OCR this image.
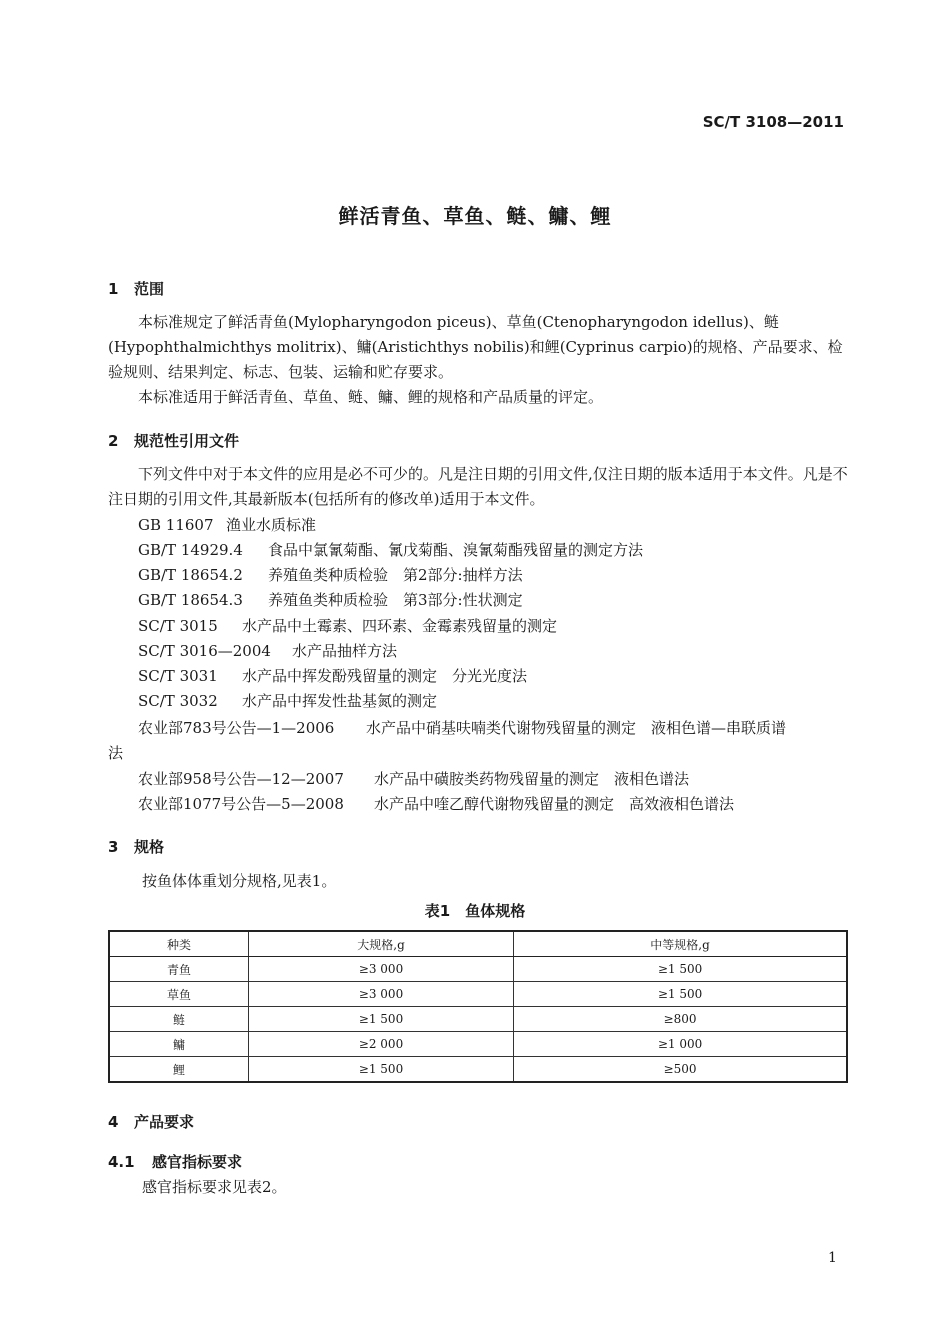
SC/T 3108—2011
鲜活青鱼、草鱼、鲢、鳙、鲤
1 范围
本标准规定了鲜活青鱼(Mylopharyngodon piceus)、草鱼(Ctenopharyngodon idellus)、鲢(Hypophthalmichthys molitrix)、鳙(Aristichthys nobilis)和鲤(Cyprinus carpio)的规格、产品要求、检验规则、结果判定、标志、包装、运输和贮存要求。
本标准适用于鲜活青鱼、草鱼、鲢、鳙、鲤的规格和产品质量的评定。
2 规范性引用文件
下列文件中对于本文件的应用是必不可少的。凡是注日期的引用文件,仅注日期的版本适用于本文件。凡是不注日期的引用文件,其最新版本(包括所有的修改单)适用于本文件。
GB 11607 渔业水质标准
GB/T 14929.4 食品中氯氰菊酯、氰戊菊酯、溴氰菊酯残留量的测定方法
GB/T 18654.2 养殖鱼类种质检验　第2部分:抽样方法
GB/T 18654.3 养殖鱼类种质检验　第3部分:性状测定
SC/T 3015 水产品中土霉素、四环素、金霉素残留量的测定
SC/T 3016—2004 水产品抽样方法
SC/T 3031 水产品中挥发酚残留量的测定　分光光度法
SC/T 3032 水产品中挥发性盐基氮的测定
农业部783号公告—1—2006 水产品中硝基呋喃类代谢物残留量的测定　液相色谱—串联质谱
法
农业部958号公告—12—2007 水产品中磺胺类药物残留量的测定　液相色谱法
农业部1077号公告—5—2008 水产品中喹乙醇代谢物残留量的测定　高效液相色谱法
3 规格
按鱼体体重划分规格,见表1。
表1　鱼体规格
种类	大规格,g	中等规格,g
青鱼	≥3 000	≥1 500
草鱼	≥3 000	≥1 500
鲢	≥1 500	≥800
鳙	≥2 000	≥1 000
鲤	≥1 500	≥500
4 产品要求
4.1 感官指标要求
感官指标要求见表2。
1
